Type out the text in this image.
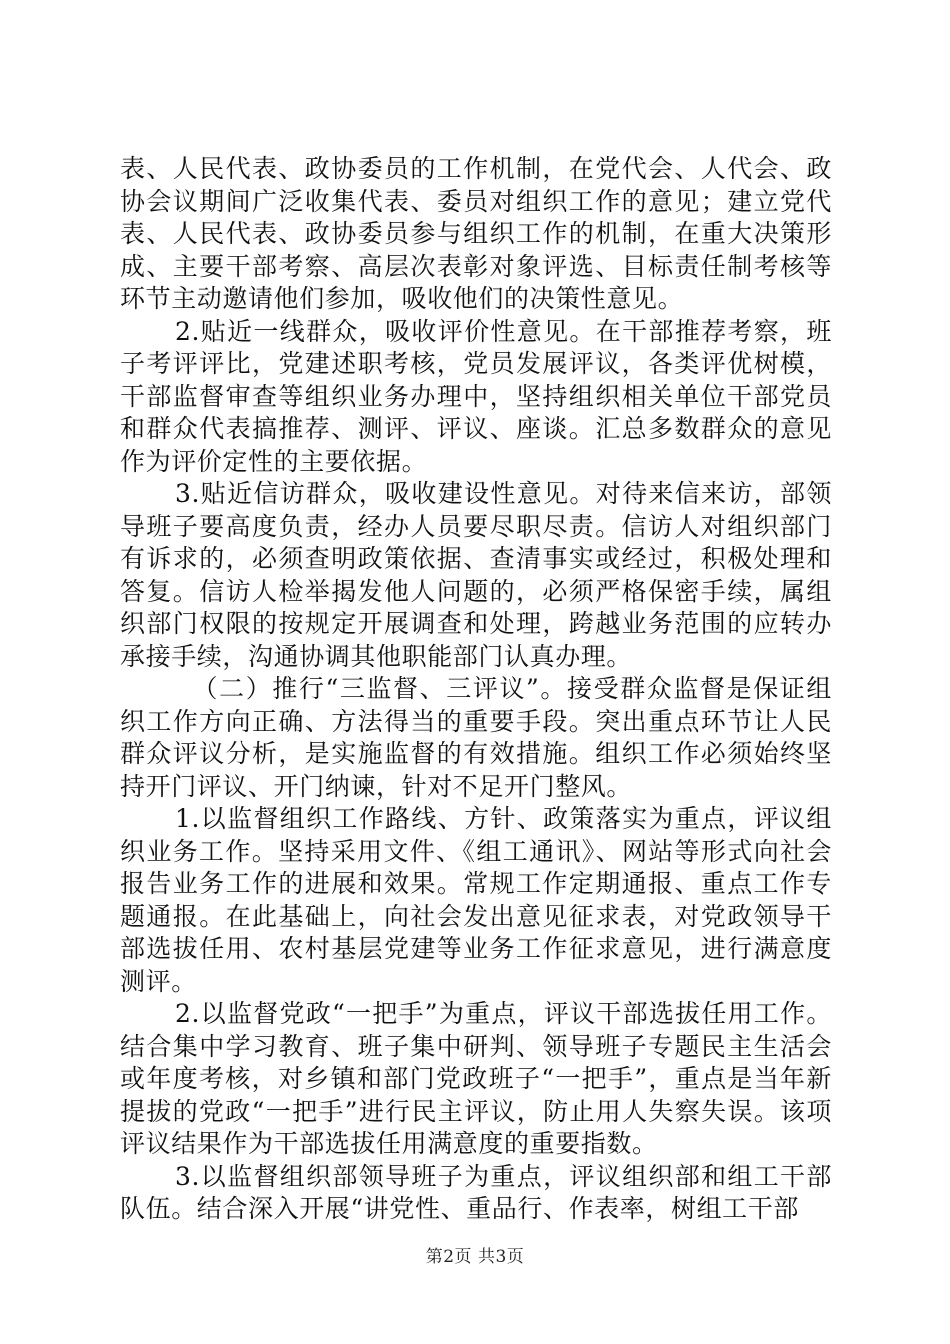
表、人民代表、政协委员的工作机制，在党代会、人代会、政协会议期间广泛收集代表、委员对组织工作的意见；建立党代表、人民代表、政协委员参与组织工作的机制，在重大决策形成、主要干部考察、高层次表彰对象评选、目标责任制考核等环节主动邀请他们参加，吸收他们的决策性意见。

2.贴近一线群众，吸收评价性意见。在干部推荐考察，班子考评评比，党建述职考核，党员发展评议，各类评优树模，干部监督审查等组织业务办理中，坚持组织相关单位干部党员和群众代表搞推荐、测评、评议、座谈。汇总多数群众的意见作为评价定性的主要依据。

3.贴近信访群众，吸收建设性意见。对待来信来访，部领导班子要高度负责，经办人员要尽职尽责。信访人对组织部门有诉求的，必须查明政策依据、查清事实或经过，积极处理和答复。信访人检举揭发他人问题的，必须严格保密手续，属组织部门权限的按规定开展调查和处理，跨越业务范围的应转办承接手续，沟通协调其他职能部门认真办理。

（二）推行“三监督、三评议”。接受群众监督是保证组织工作方向正确、方法得当的重要手段。突出重点环节让人民群众评议分析，是实施监督的有效措施。组织工作必须始终坚持开门评议、开门纳谏，针对不足开门整风。

1.以监督组织工作路线、方针、政策落实为重点，评议组织业务工作。坚持采用文件、《组工通讯》、网站等形式向社会报告业务工作的进展和效果。常规工作定期通报、重点工作专题通报。在此基础上，向社会发出意见征求表，对党政领导干部选拔任用、农村基层党建等业务工作征求意见，进行满意度测评。

2.以监督党政“一把手”为重点，评议干部选拔任用工作。结合集中学习教育、班子集中研判、领导班子专题民主生活会或年度考核，对乡镇和部门党政班子“一把手”，重点是当年新提拔的党政“一把手”进行民主评议，防止用人失察失误。该项评议结果作为干部选拔任用满意度的重要指数。

3.以监督组织部领导班子为重点，评议组织部和组工干部队伍。结合深入开展“讲党性、重品行、作表率，树组工干部

第2页 共3页
